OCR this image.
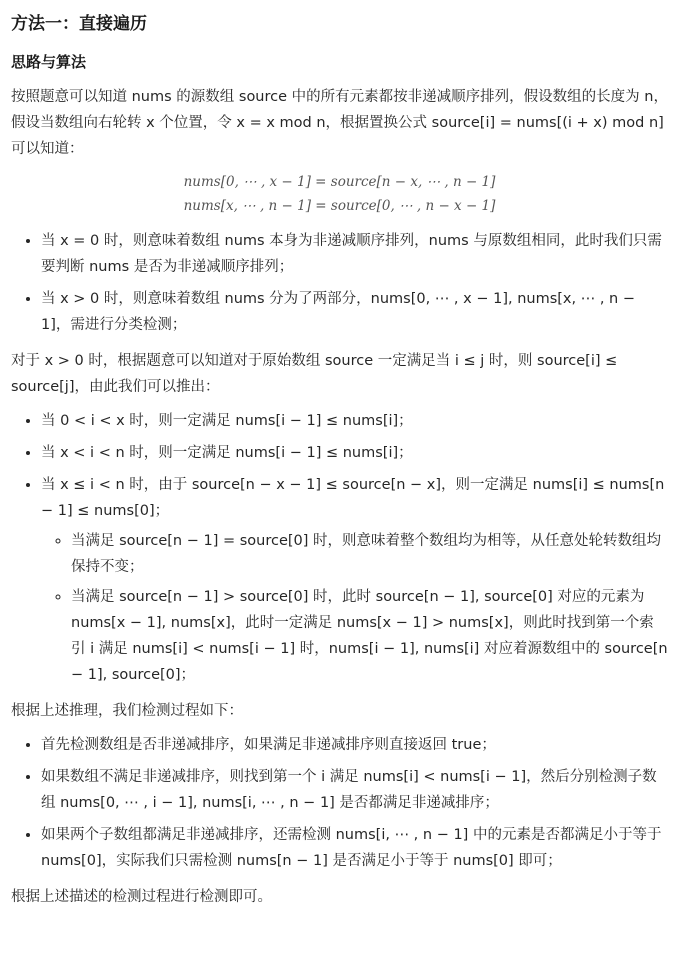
方法一：直接遍历
思路与算法

按照题意可以知道 nums 的源数组 source 中的所有元素都按非递减顺序排列，假设数组的长度为 n，假设当数组向右轮转 x 个位置，令 x = x mod n，根据置换公式 source[i] = nums[(i + x) mod n] 可以知道：

nums[0, ⋯ , x − 1] = source[n − x, ⋯ , n − 1]
nums[x, ⋯ , n − 1] = source[0, ⋯ , n − x − 1]
• 当 x = 0 时，则意味着数组 nums 本身为非递减顺序排列，nums 与原数组相同，此时我们只需要判断 nums 是否为非递减顺序排列；
• 当 x > 0 时，则意味着数组 nums 分为了两部分，nums[0, ⋯ , x − 1], nums[x, ⋯ , n − 1]，需进行分类检测；

对于 x > 0 时，根据题意可以知道对于原始数组 source 一定满足当 i ≤ j 时，则 source[i] ≤ source[j]，由此我们可以推出：

• 当 0 < i < x 时，则一定满足 nums[i − 1] ≤ nums[i]；
• 当 x < i < n 时，则一定满足 nums[i − 1] ≤ nums[i]；
• 当 x ≤ i < n 时，由于 source[n − x − 1] ≤ source[n − x]，则一定满足 nums[i] ≤ nums[n − 1] ≤ nums[0]；
◦ 当满足 source[n − 1] = source[0] 时，则意味着整个数组均为相等，从任意处轮转数组均保持不变；
◦ 当满足 source[n − 1] > source[0] 时，此时 source[n − 1], source[0] 对应的元素为 nums[x − 1], nums[x]，此时一定满足 nums[x − 1] > nums[x]，则此时找到第一个索引 i 满足 nums[i] < nums[i − 1] 时，nums[i − 1], nums[i] 对应着源数组中的 source[n − 1], source[0]；

根据上述推理，我们检测过程如下：

• 首先检测数组是否非递减排序，如果满足非递减排序则直接返回 true；
• 如果数组不满足非递减排序，则找到第一个 i 满足 nums[i] < nums[i − 1]，然后分别检测子数组 nums[0, ⋯ , i − 1], nums[i, ⋯ , n − 1] 是否都满足非递减排序；
• 如果两个子数组都满足非递减排序，还需检测 nums[i, ⋯ , n − 1] 中的元素是否都满足小于等于 nums[0]，实际我们只需检测 nums[n − 1] 是否满足小于等于 nums[0] 即可；

根据上述描述的检测过程进行检测即可。
